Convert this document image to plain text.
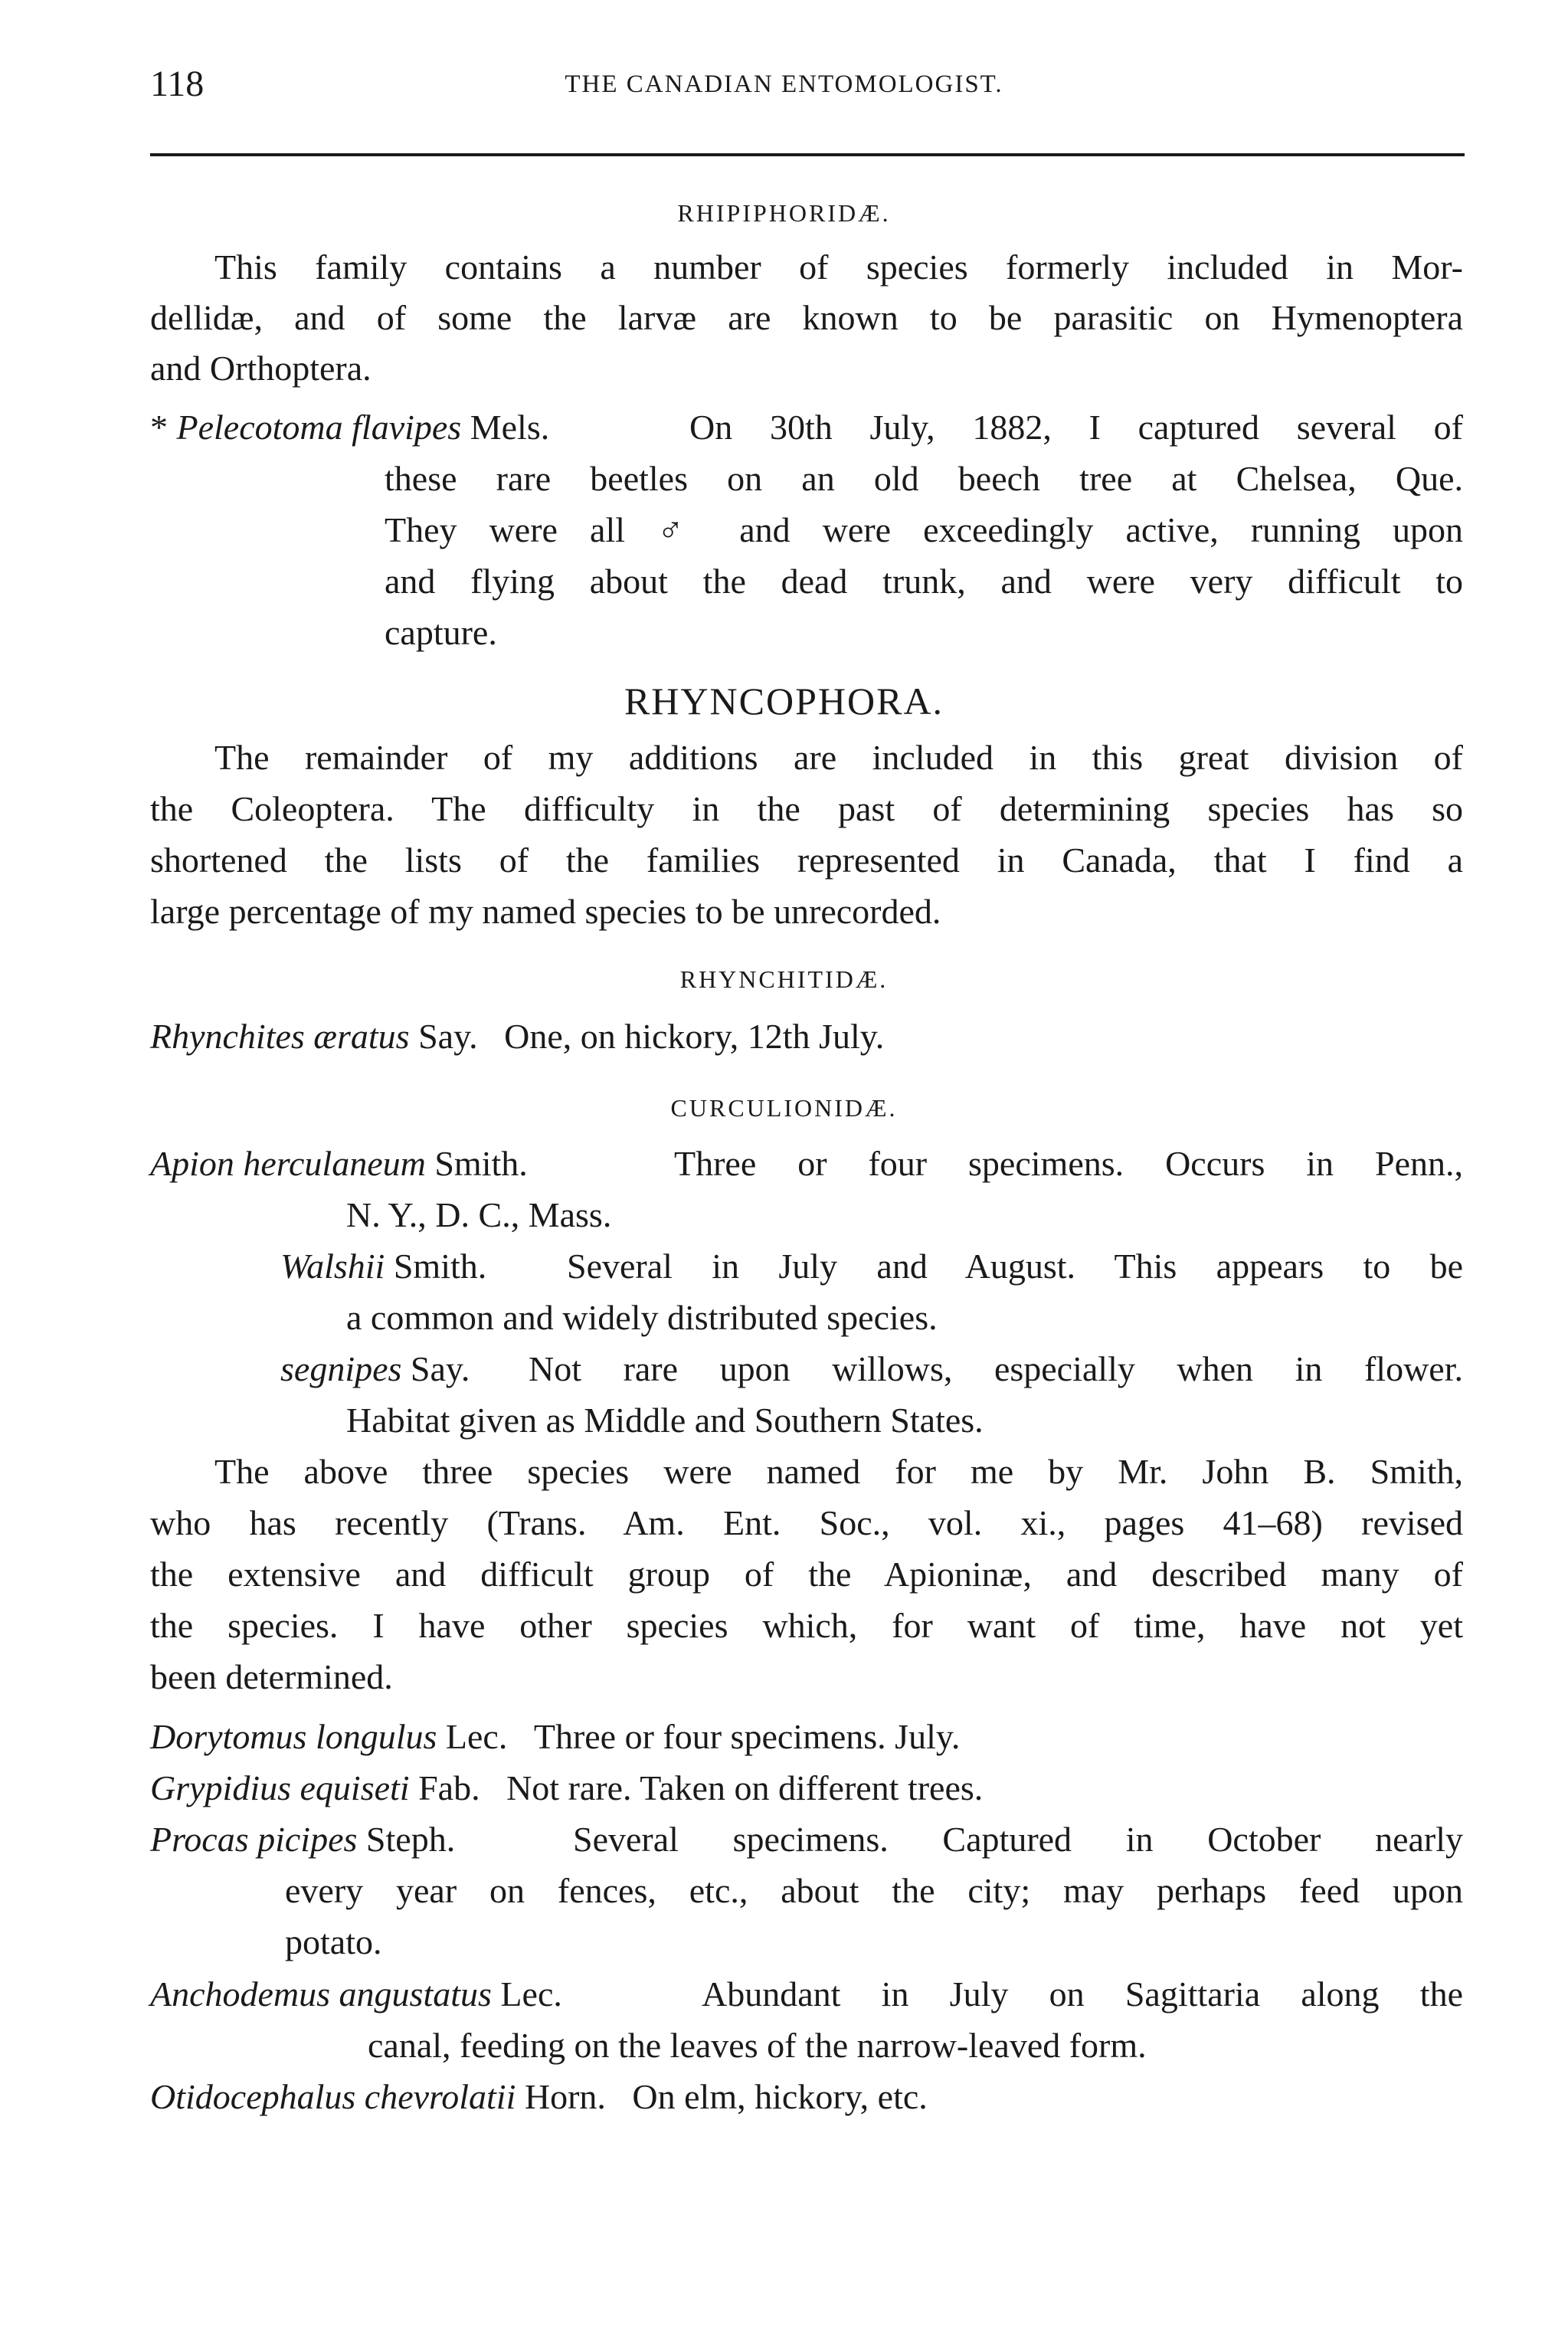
118	THE CANADIAN ENTOMOLOGIST.
RHIPIPHORIDÆ.
This family contains a number of species formerly included in Mor-
dellidæ, and of some the larvæ are known to be parasitic on Hymenoptera
and Orthoptera.
* Pelecotoma flavipes Mels.	On 30th July, 1882, I captured several of
these rare beetles on an old beech tree at Chelsea, Que.
They were all ♂ and were exceedingly active, running upon
and flying about the dead trunk, and were very difficult to
capture.
RHYNCOPHORA.
The remainder of my additions are included in this great division of
the Coleoptera. The difficulty in the past of determining species has so
shortened the lists of the families represented in Canada, that I find a
large percentage of my named species to be unrecorded.
RHYNCHITIDÆ.
Rhynchites æratus Say. One, on hickory, 12th July.
CURCULIONIDÆ.
Apion herculaneum Smith.	Three or four specimens. Occurs in Penn.,
N. Y., D. C., Mass.
Walshii Smith. Several in July and August. This appears to be
a common and widely distributed species.
segnipes Say. Not rare upon willows, especially when in flower.
Habitat given as Middle and Southern States.
The above three species were named for me by Mr. John B. Smith,
who has recently (Trans. Am. Ent. Soc., vol. xi., pages 41–68) revised
the extensive and difficult group of the Apioninæ, and described many of
the species. I have other species which, for want of time, have not yet
been determined.
Dorytomus longulus Lec. Three or four specimens. July.
Grypidius equiseti Fab. Not rare. Taken on different trees.
Procas picipes Steph.	Several specimens. Captured in October nearly
every year on fences, etc., about the city; may perhaps feed upon
potato.
Anchodemus angustatus Lec.	Abundant in July on Sagittaria along the
canal, feeding on the leaves of the narrow-leaved form.
Otidocephalus chevrolatii Horn. On elm, hickory, etc.
